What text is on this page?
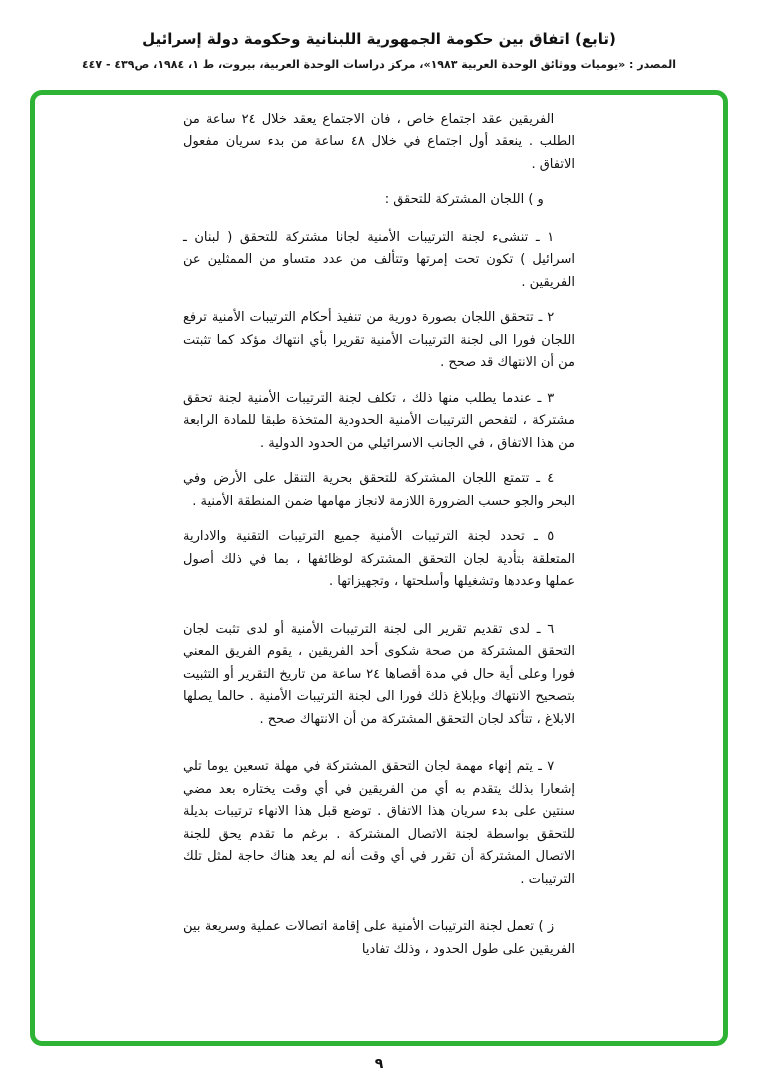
(تابع) اتفاق بين حكومة الجمهورية اللبنانية وحكومة دولة إسرائيل
المصدر : «يوميات ووثائق الوحدة العربية ١٩٨٣»، مركز دراسات الوحدة العربية، بيروت، ط ١، ١٩٨٤، ص٤٣٩ - ٤٤٧

الفريقين عقد اجتماع خاص ، فان الاجتماع يعقد خلال ٢٤ ساعة من الطلب . ينعقد أول اجتماع في خلال ٤٨ ساعة من بدء سريان مفعول الاتفاق .

و ) اللجان المشتركة للتحقق :

١ ـ تنشىء لجنة الترتيبات الأمنية لجانا مشتركة للتحقق ( لبنان ـ اسرائيل ) تكون تحت إمرتها وتتألف من عدد متساو من الممثلين عن الفريقين .

٢ ـ تتحقق اللجان بصورة دورية من تنفيذ أحكام الترتيبات الأمنية ترفع اللجان فورا الى لجنة الترتيبات الأمنية تقريرا بأي انتهاك مؤكد كما تثبتت من أن الانتهاك قد صحح .

٣ ـ عندما يطلب منها ذلك ، تكلف لجنة الترتيبات الأمنية لجنة تحقق مشتركة ، لتفحص الترتيبات الأمنية الحدودية المتخذة طبقا للمادة الرابعة من هذا الاتفاق ، في الجانب الاسرائيلي من الحدود الدولية .

٤ ـ تتمتع اللجان المشتركة للتحقق بحرية التنقل على الأرض وفي البحر والجو حسب الضرورة اللازمة لانجاز مهامها ضمن المنطقة الأمنية .

٥ ـ تحدد لجنة الترتيبات الأمنية جميع الترتيبات التقنية والادارية المتعلقة بتأدية لجان التحقق المشتركة لوظائفها ، بما في ذلك أصول عملها وعددها وتشغيلها وأسلحتها ، وتجهيزاتها .

٦ ـ لدى تقديم تقرير الى لجنة الترتيبات الأمنية أو لدى تثبت لجان التحقق المشتركة من صحة شكوى أحد الفريقين ، يقوم الفريق المعني فورا وعلى أية حال في مدة أقصاها ٢٤ ساعة من تاريخ التقرير أو التثبيت بتصحيح الانتهاك وبإبلاغ ذلك فورا الى لجنة الترتيبات الأمنية . حالما يصلها الابلاغ ، تتأكد لجان التحقق المشتركة من أن الانتهاك صحح .

٧ ـ يتم إنهاء مهمة لجان التحقق المشتركة في مهلة تسعين يوما تلي إشعارا بذلك يتقدم به أي من الفريقين في أي وقت يختاره بعد مضي سنتين على بدء سريان هذا الاتفاق . توضع قبل هذا الانهاء ترتيبات بديلة للتحقق بواسطة لجنة الاتصال المشتركة . برغم ما تقدم يحق للجنة الاتصال المشتركة أن تقرر في أي وقت أنه لم يعد هناك حاجة لمثل تلك الترتيبات .

ز ) تعمل لجنة الترتيبات الأمنية على إقامة اتصالات عملية وسريعة بين الفريقين على طول الحدود ، وذلك تفاديا

٩
